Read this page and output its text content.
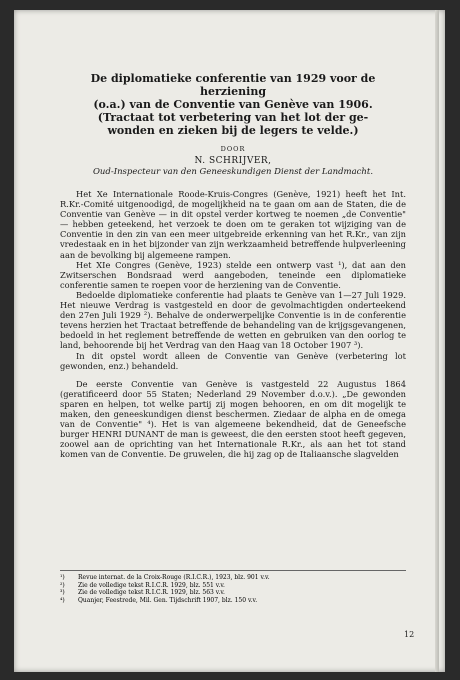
De diplomatieke conferentie van 1929 voor de herziening

(o.a.) van de Conventie van Genève van 1906.

(Tractaat tot verbetering van het lot der ge-

wonden en zieken bij de legers te velde.)

DOOR

N. SCHRIJVER,

Oud-Inspecteur van den Geneeskundigen Dienst der Landmacht.

Het Xe Internationale Roode-Kruis-Congres (Genève, 1921) heeft het Int. R.Kr.-Comité uitgenoodigd, de mogelijkheid na te gaan om aan de Staten, die de Conventie van Genève — in dit opstel verder kortweg te noemen „de Conventie" — hebben geteekend, het verzoek te doen om te geraken tot wijziging van de Conventie in den zin van een meer uitgebreide erkenning van het R.Kr., van zijn vredestaak en in het bijzonder van zijn werkzaamheid betreffende hulpverleening aan de bevolking bij algemeene rampen.

Het XIe Congres (Genève, 1923) stelde een ontwerp vast ¹), dat aan den Zwitserschen Bondsraad werd aangeboden, teneinde een diplomatieke conferentie samen te roepen voor de herziening van de Conventie.

Bedoelde diplomatieke conferentie had plaats te Genève van 1—27 Juli 1929. Het nieuwe Verdrag is vastgesteld en door de gevolmachtigden onderteekend den 27en Juli 1929 ²). Behalve de onderwerpelijke Conventie is in de conferentie tevens herzien het Tractaat betreffende de behandeling van de krijgsgevangenen, bedoeld in het reglement betreffende de wetten en gebruiken van den oorlog te land, behoorende bij het Verdrag van den Haag van 18 October 1907 ³).

In dit opstel wordt alleen de Conventie van Genève (verbetering lot gewonden, enz.) behandeld.

De eerste Conventie van Genève is vastgesteld 22 Augustus 1864 (geratificeerd door 55 Staten; Nederland 29 November d.o.v.). „De gewonden sparen en helpen, tot welke partij zij mogen behooren, en om dit mogelijk te maken, den geneeskundigen dienst beschermen. Ziedaar de alpha en de omega van de Conventie" ⁴). Het is van algemeene bekendheid, dat de Geneefsche burger HENRI DUNANT de man is geweest, die den eersten stoot heeft gegeven, zoowel aan de oprichting van het Internationale R.Kr., als aan het tot stand komen van de Conventie. De gruwelen, die hij zag op de Italiaansche slagvelden

¹)	Revue internat. de la Croix-Rouge (R.I.C.R.), 1923, blz. 901 v.v.

²)	Zie de volledige tekst R.I.C.R. 1929, blz. 551 v.v.

³)	Zie de volledige tekst R.I.C.R. 1929, blz. 563 v.v.

⁴)	Quanjer, Feestrede, Mil. Gen. Tijdschrift 1907, blz. 150 v.v.

12
